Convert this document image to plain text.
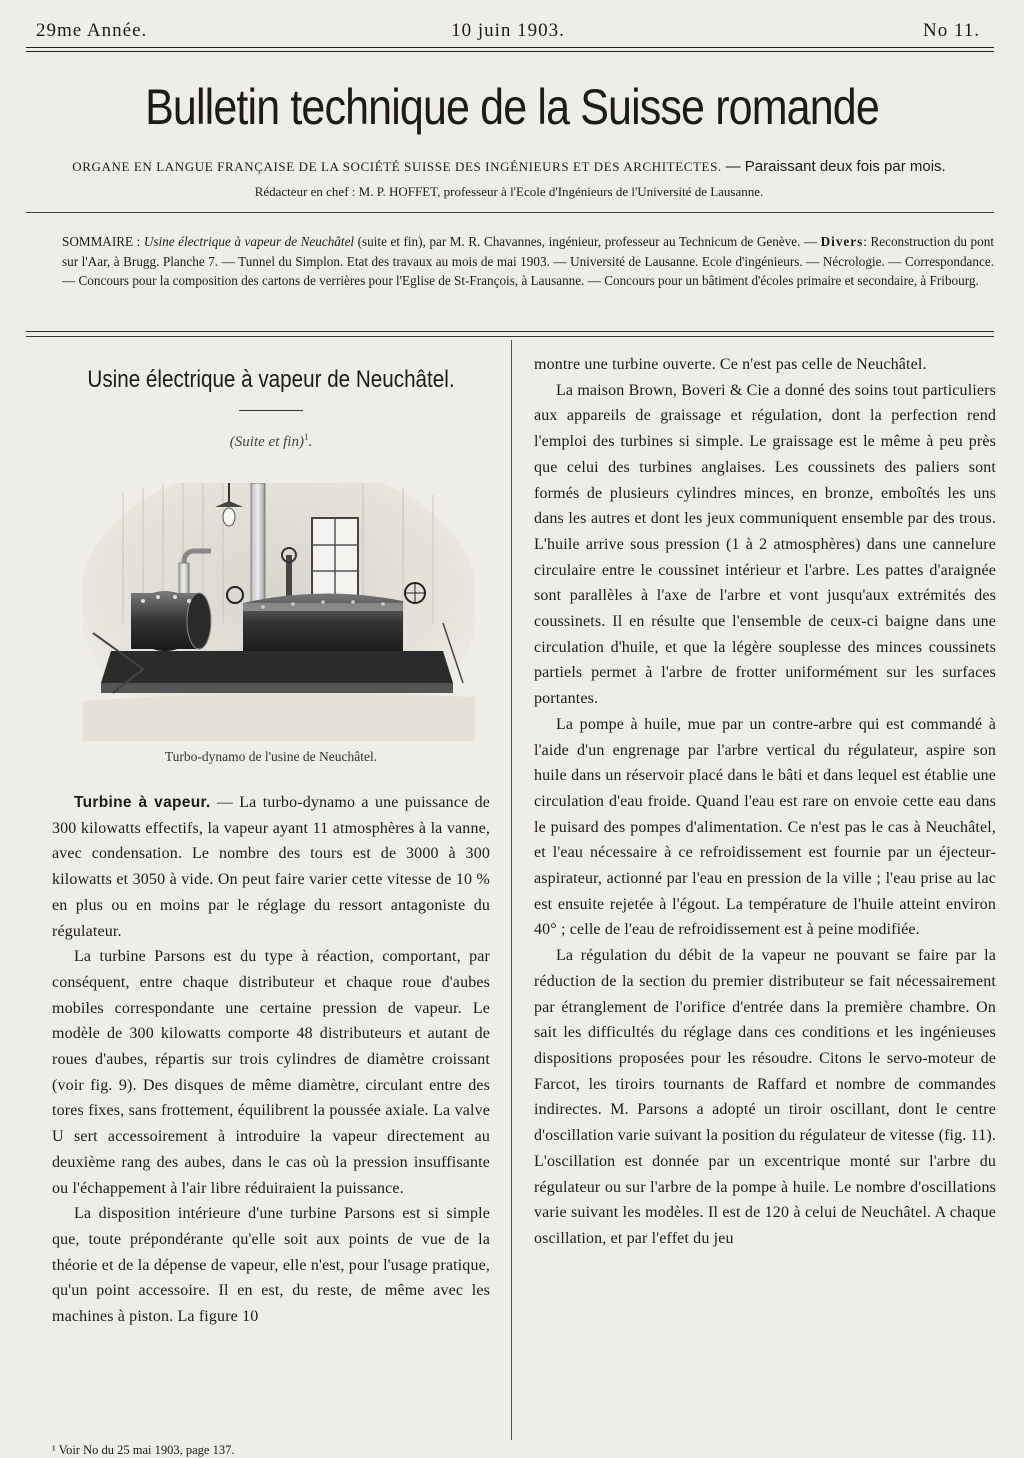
29me Année.	10 juin 1903.	No 11.
Bulletin technique de la Suisse romande
ORGANE EN LANGUE FRANÇAISE DE LA SOCIÉTÉ SUISSE DES INGÉNIEURS ET DES ARCHITECTES. — Paraissant deux fois par mois.
Rédacteur en chef : M. P. HOFFET, professeur à l'Ecole d'Ingénieurs de l'Université de Lausanne.
SOMMAIRE : Usine électrique à vapeur de Neuchâtel (suite et fin), par M. R. Chavannes, ingénieur, professeur au Technicum de Genève. — Divers: Reconstruction du pont sur l'Aar, à Brugg. Planche 7. — Tunnel du Simplon. Etat des travaux au mois de mai 1903. — Université de Lausanne. Ecole d'ingénieurs. — Nécrologie. — Correspondance. — Concours pour la composition des cartons de verrières pour l'Eglise de St-François, à Lausanne. — Concours pour un bâtiment d'écoles primaire et secondaire, à Fribourg.
Usine électrique à vapeur de Neuchâtel.
(Suite et fin)$^1$.
Turbo-dynamo de l'usine de Neuchâtel.

Turbine à vapeur. — La turbo-dynamo a une puissance de 300 kilowatts effectifs, la vapeur ayant 11 atmosphères à la vanne, avec condensation. Le nombre des tours est de 3000 à 300 kilowatts et 3050 à vide. On peut faire varier cette vitesse de 10 % en plus ou en moins par le réglage du ressort antagoniste du régulateur.

La turbine Parsons est du type à réaction, comportant, par conséquent, entre chaque distributeur et chaque roue d'aubes mobiles correspondante une certaine pression de vapeur. Le modèle de 300 kilowatts comporte 48 distributeurs et autant de roues d'aubes, répartis sur trois cylindres de diamètre croissant (voir fig. 9). Des disques de même diamètre, circulant entre des tores fixes, sans frottement, équilibrent la poussée axiale. La valve U sert accessoirement à introduire la vapeur directement au deuxième rang des aubes, dans le cas où la pression insuffisante ou l'échappement à l'air libre réduiraient la puissance.

La disposition intérieure d'une turbine Parsons est si simple que, toute prépondérante qu'elle soit aux points de vue de la théorie et de la dépense de vapeur, elle n'est, pour l'usage pratique, qu'un point accessoire. Il en est, du reste, de même avec les machines à piston. La figure 10

¹ Voir No du 25 mai 1903, page 137.

montre une turbine ouverte. Ce n'est pas celle de Neuchâtel.

La maison Brown, Boveri & Cie a donné des soins tout particuliers aux appareils de graissage et régulation, dont la perfection rend l'emploi des turbines si simple. Le graissage est le même à peu près que celui des turbines anglaises. Les coussinets des paliers sont formés de plusieurs cylindres minces, en bronze, emboîtés les uns dans les autres et dont les jeux communiquent ensemble par des trous. L'huile arrive sous pression (1 à 2 atmosphères) dans une cannelure circulaire entre le coussinet intérieur et l'arbre. Les pattes d'araignée sont parallèles à l'axe de l'arbre et vont jusqu'aux extrémités des coussinets. Il en résulte que l'ensemble de ceux-ci baigne dans une circulation d'huile, et que la légère souplesse des minces coussinets partiels permet à l'arbre de frotter uniformément sur les surfaces portantes.

La pompe à huile, mue par un contre-arbre qui est commandé à l'aide d'un engrenage par l'arbre vertical du régulateur, aspire son huile dans un réservoir placé dans le bâti et dans lequel est établie une circulation d'eau froide. Quand l'eau est rare on envoie cette eau dans le puisard des pompes d'alimentation. Ce n'est pas le cas à Neuchâtel, et l'eau nécessaire à ce refroidissement est fournie par un éjecteur-aspirateur, actionné par l'eau en pression de la ville ; l'eau prise au lac est ensuite rejetée à l'égout. La température de l'huile atteint environ 40° ; celle de l'eau de refroidissement est à peine modifiée.

La régulation du débit de la vapeur ne pouvant se faire par la réduction de la section du premier distributeur se fait nécessairement par étranglement de l'orifice d'entrée dans la première chambre. On sait les difficultés du réglage dans ces conditions et les ingénieuses dispositions proposées pour les résoudre. Citons le servo-moteur de Farcot, les tiroirs tournants de Raffard et nombre de commandes indirectes. M. Parsons a adopté un tiroir oscillant, dont le centre d'oscillation varie suivant la position du régulateur de vitesse (fig. 11). L'oscillation est donnée par un excentrique monté sur l'arbre du régulateur ou sur l'arbre de la pompe à huile. Le nombre d'oscillations varie suivant les modèles. Il est de 120 à celui de Neuchâtel. A chaque oscillation, et par l'effet du jeu
